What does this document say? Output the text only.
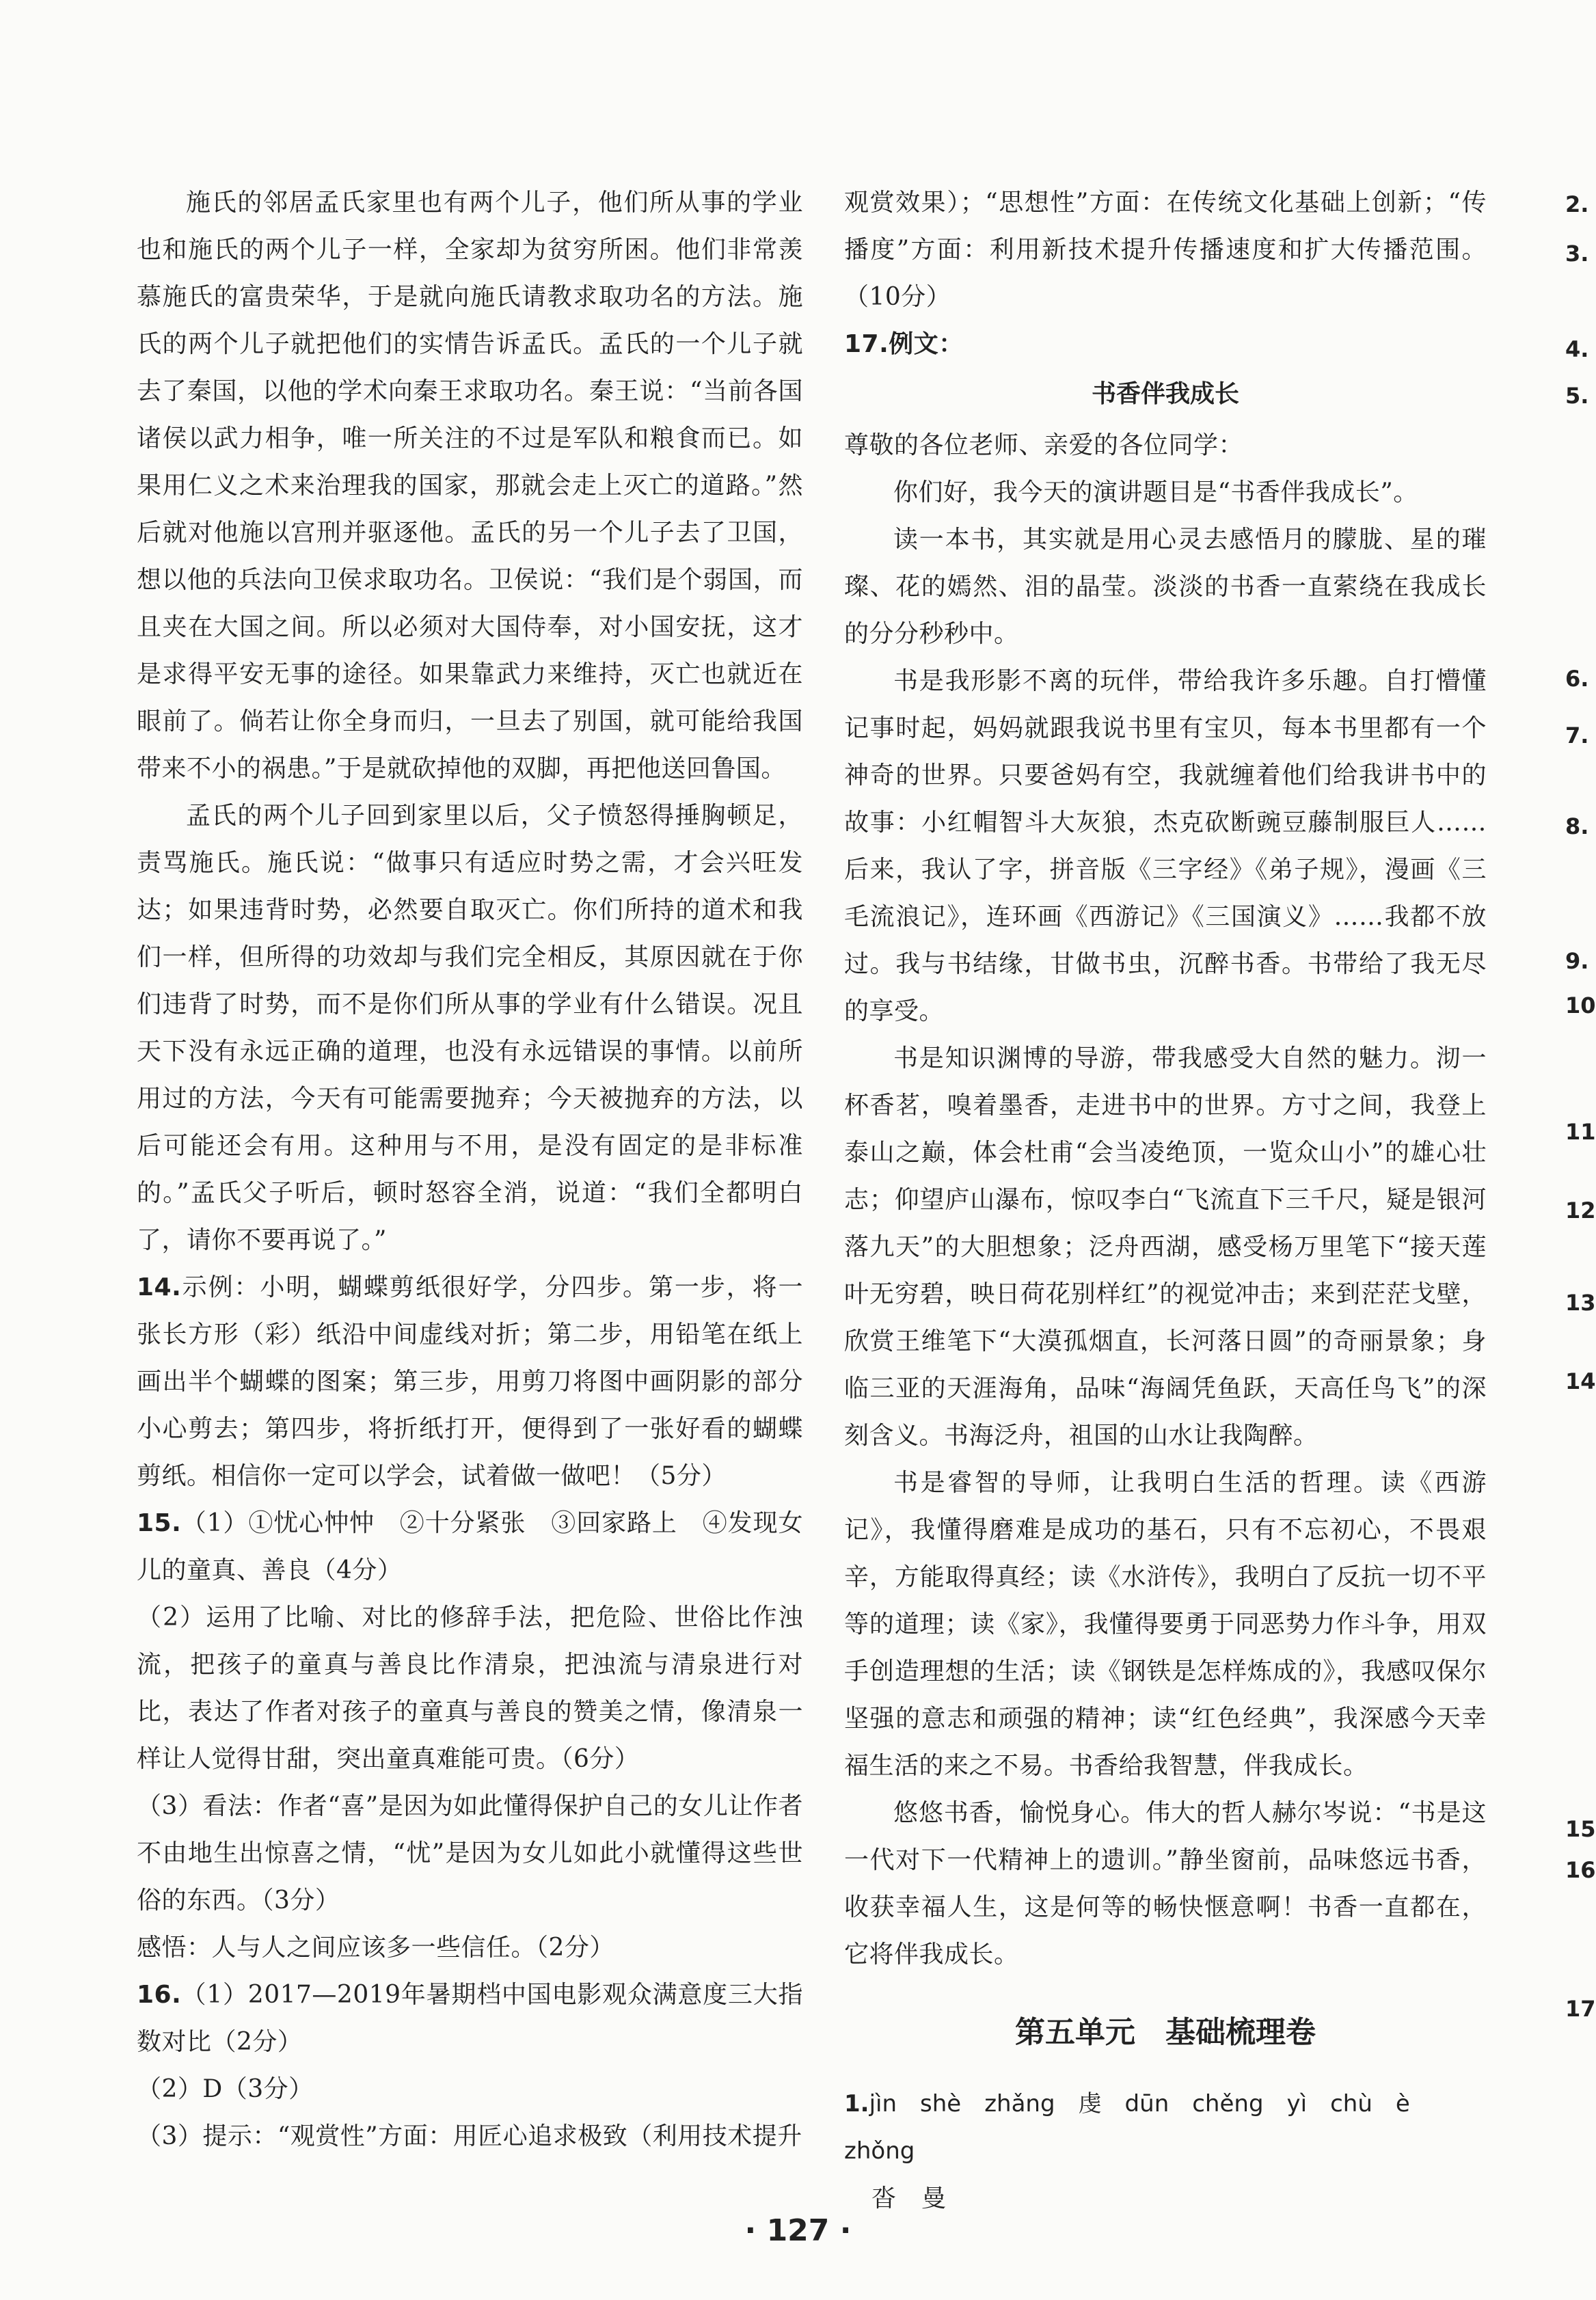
施氏的邻居孟氏家里也有两个儿子，他们所从事的学业也和施氏的两个儿子一样，全家却为贫穷所困。他们非常羡慕施氏的富贵荣华，于是就向施氏请教求取功名的方法。施氏的两个儿子就把他们的实情告诉孟氏。孟氏的一个儿子就去了秦国，以他的学术向秦王求取功名。秦王说：“当前各国诸侯以武力相争，唯一所关注的不过是军队和粮食而已。如果用仁义之术来治理我的国家，那就会走上灭亡的道路。”然后就对他施以宫刑并驱逐他。孟氏的另一个儿子去了卫国，想以他的兵法向卫侯求取功名。卫侯说：“我们是个弱国，而且夹在大国之间。所以必须对大国侍奉，对小国安抚，这才是求得平安无事的途径。如果靠武力来维持，灭亡也就近在眼前了。倘若让你全身而归，一旦去了别国，就可能给我国带来不小的祸患。”于是就砍掉他的双脚，再把他送回鲁国。

孟氏的两个儿子回到家里以后，父子愤怒得捶胸顿足，责骂施氏。施氏说：“做事只有适应时势之需，才会兴旺发达；如果违背时势，必然要自取灭亡。你们所持的道术和我们一样，但所得的功效却与我们完全相反，其原因就在于你们违背了时势，而不是你们所从事的学业有什么错误。况且天下没有永远正确的道理，也没有永远错误的事情。以前所用过的方法，今天有可能需要抛弃；今天被抛弃的方法，以后可能还会有用。这种用与不用，是没有固定的是非标准的。”孟氏父子听后，顿时怒容全消，说道：“我们全都明白了，请你不要再说了。”

14.示例：小明，蝴蝶剪纸很好学，分四步。第一步，将一张长方形（彩）纸沿中间虚线对折；第二步，用铅笔在纸上画出半个蝴蝶的图案；第三步，用剪刀将图中画阴影的部分小心剪去；第四步，将折纸打开，便得到了一张好看的蝴蝶剪纸。相信你一定可以学会，试着做一做吧！（5分）

15.（1）①忧心忡忡　②十分紧张　③回家路上　④发现女儿的童真、善良（4分）

（2）运用了比喻、对比的修辞手法，把危险、世俗比作浊流，把孩子的童真与善良比作清泉，把浊流与清泉进行对比，表达了作者对孩子的童真与善良的赞美之情，像清泉一样让人觉得甘甜，突出童真难能可贵。（6分）

（3）看法：作者“喜”是因为如此懂得保护自己的女儿让作者不由地生出惊喜之情，“忧”是因为女儿如此小就懂得这些世俗的东西。（3分）

感悟：人与人之间应该多一些信任。（2分）

16.（1）2017—2019年暑期档中国电影观众满意度三大指数对比（2分）

（2）D（3分）

（3）提示：“观赏性”方面：用匠心追求极致（利用技术提升

观赏效果）；“思想性”方面：在传统文化基础上创新；“传播度”方面：利用新技术提升传播速度和扩大传播范围。（10分）

17.例文：

书香伴我成长

尊敬的各位老师、亲爱的各位同学：

你们好，我今天的演讲题目是“书香伴我成长”。

读一本书，其实就是用心灵去感悟月的朦胧、星的璀璨、花的嫣然、泪的晶莹。淡淡的书香一直萦绕在我成长的分分秒秒中。

书是我形影不离的玩伴，带给我许多乐趣。自打懵懂记事时起，妈妈就跟我说书里有宝贝，每本书里都有一个神奇的世界。只要爸妈有空，我就缠着他们给我讲书中的故事：小红帽智斗大灰狼，杰克砍断豌豆藤制服巨人……后来，我认了字，拼音版《三字经》《弟子规》，漫画《三毛流浪记》，连环画《西游记》《三国演义》……我都不放过。我与书结缘，甘做书虫，沉醉书香。书带给了我无尽的享受。

书是知识渊博的导游，带我感受大自然的魅力。沏一杯香茗，嗅着墨香，走进书中的世界。方寸之间，我登上泰山之巅，体会杜甫“会当凌绝顶，一览众山小”的雄心壮志；仰望庐山瀑布，惊叹李白“飞流直下三千尺，疑是银河落九天”的大胆想象；泛舟西湖，感受杨万里笔下“接天莲叶无穷碧，映日荷花别样红”的视觉冲击；来到茫茫戈壁，欣赏王维笔下“大漠孤烟直，长河落日圆”的奇丽景象；身临三亚的天涯海角，品味“海阔凭鱼跃，天高任鸟飞”的深刻含义。书海泛舟，祖国的山水让我陶醉。

书是睿智的导师，让我明白生活的哲理。读《西游记》，我懂得磨难是成功的基石，只有不忘初心，不畏艰辛，方能取得真经；读《水浒传》，我明白了反抗一切不平等的道理；读《家》，我懂得要勇于同恶势力作斗争，用双手创造理想的生活；读《钢铁是怎样炼成的》，我感叹保尔坚强的意志和顽强的精神；读“红色经典”，我深感今天幸福生活的来之不易。书香给我智慧，伴我成长。

悠悠书香，愉悦身心。伟大的哲人赫尔岑说：“书是这一代对下一代精神上的遗训。”静坐窗前，品味悠远书香，收获幸福人生，这是何等的畅快惬意啊！书香一直都在，它将伴我成长。

第五单元　基础梳理卷

1.jìn　shè　zhǎng　虔　dūn　chěng　yì　chù　è　zhǒng

沓　曼

2.
3.
4.
5.
6.
7.
8.
9.
10
11
12
13
14
15
16
17
· 127 ·
